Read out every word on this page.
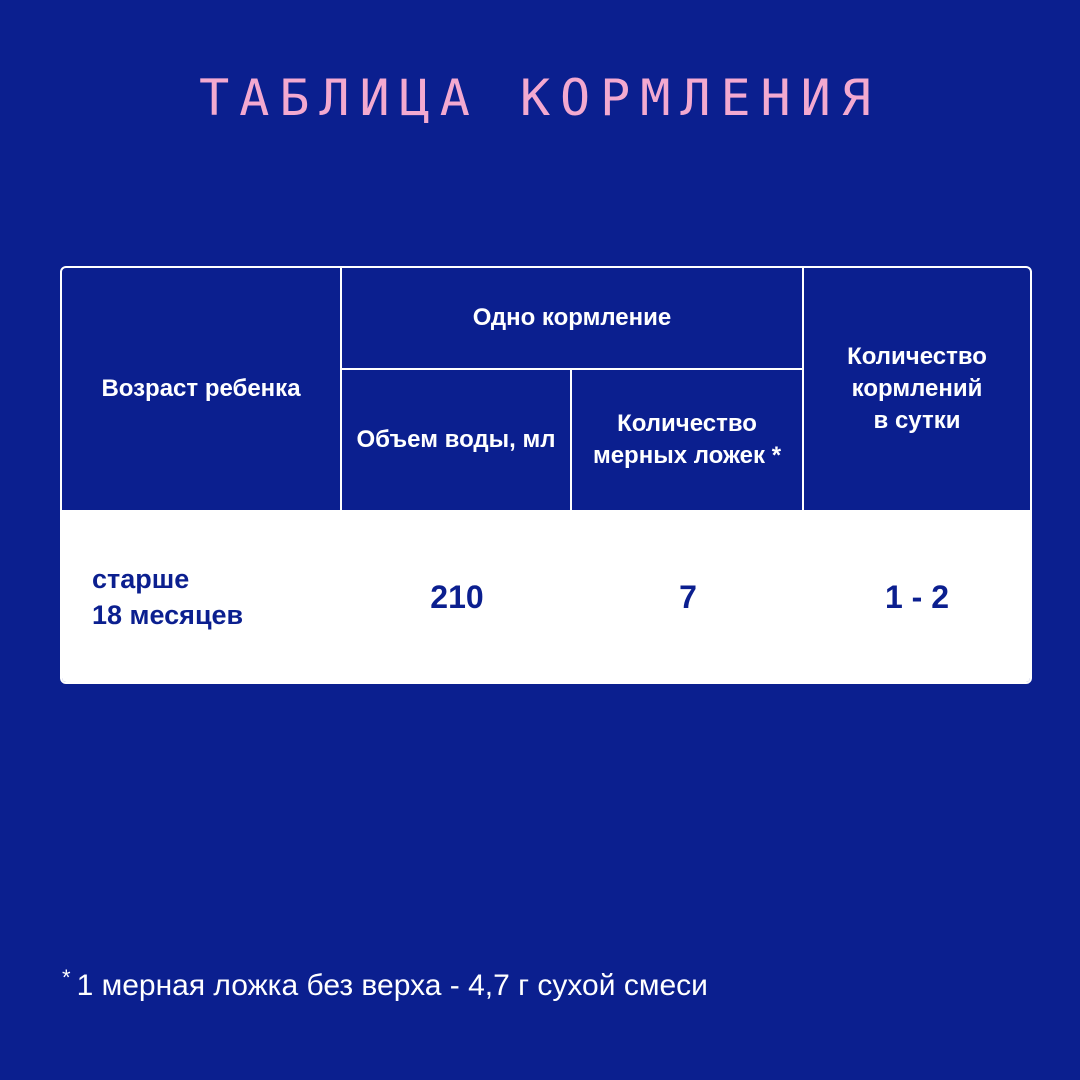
ТАБЛИЦА КОРМЛЕНИЯ
Возраст ребенка
Одно кормление
Объем воды, мл
Количество
мерных ложек *
Количество
кормлений
в сутки
старше
18 месяцев
210	7	1 - 2
* 1 мерная ложка без верха - 4,7 г сухой смеси
